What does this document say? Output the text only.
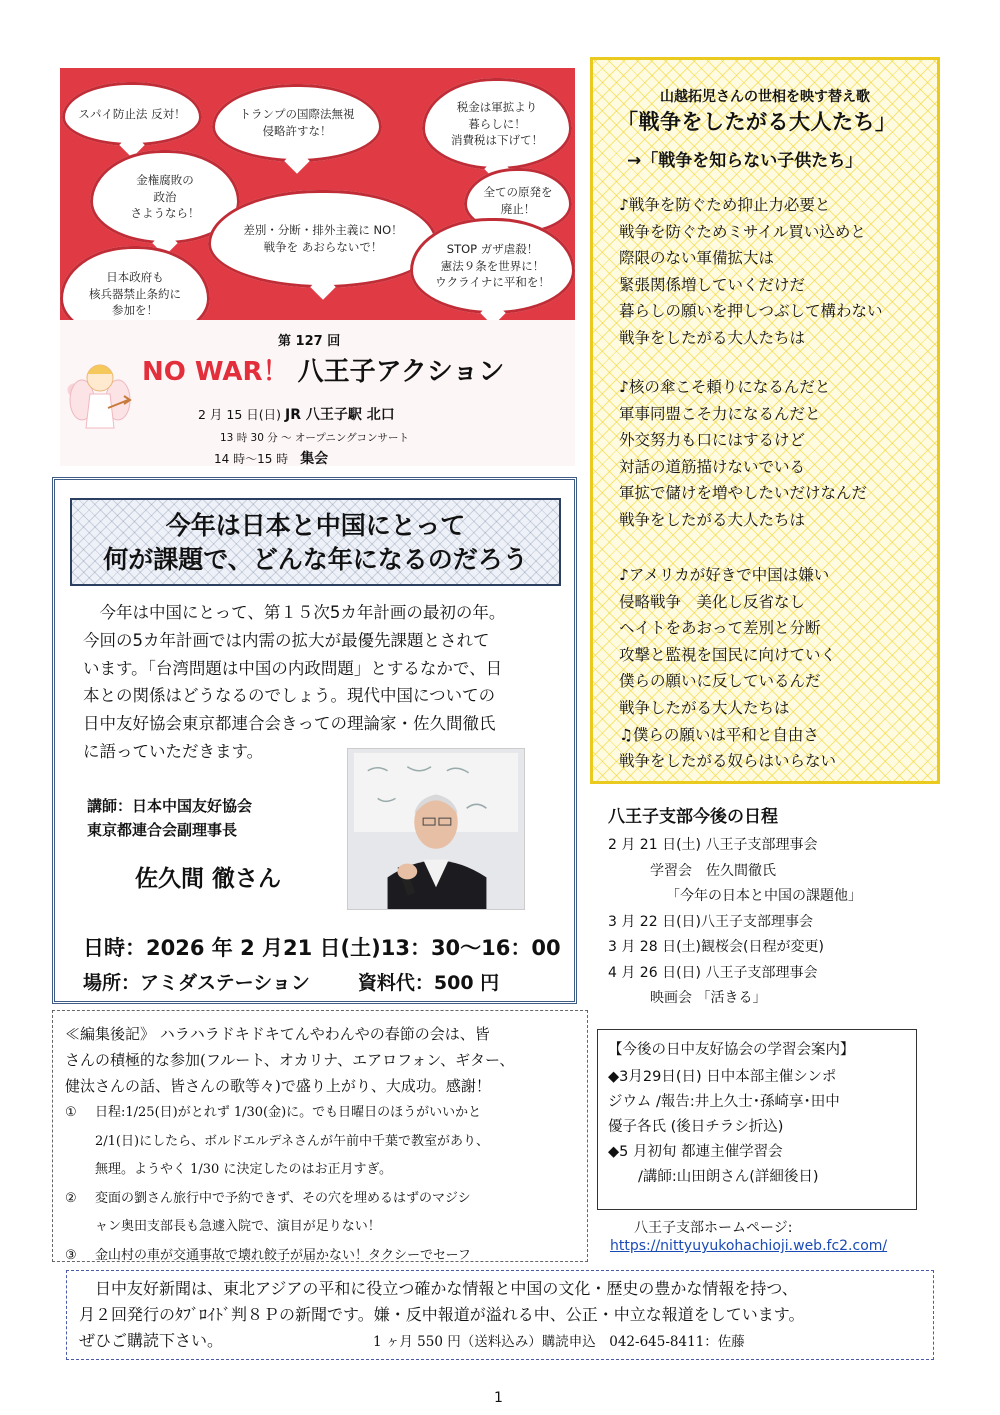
スパイ防止法 反対！	トランプの国際法無視
侵略許すな！
税金は軍拡より
暮らしに！
消費税は下げて！
金権腐敗の
政治
さようなら！
全ての原発を
廃止！
差別・分断・排外主義に NO！
戦争を あおらないで！	STOP ガザ虐殺！
憲法９条を世界に！
ウクライナに平和を！
日本政府も
核兵器禁止条約に
参加を！
第 127 回
NO WAR！ 八王子アクション
2 月 15 日(日) JR 八王子駅 北口
13 時 30 分 ～ オープニングコンサート
14 時～15 時　 集会
山越拓児さんの世相を映す替え歌
「戦争をしたがる大人たち」
→「戦争を知らない子供たち」
♪戦争を防ぐため抑止力必要と
戦争を防ぐためミサイル買い込めと
際限のない軍備拡大は
緊張関係増していくだけだ
暮らしの願いを押しつぶして構わない
戦争をしたがる大人たちは
♪核の傘こそ頼りになるんだと
軍事同盟こそ力になるんだと
外交努力も口にはするけど
対話の道筋描けないでいる
軍拡で儲けを増やしたいだけなんだ
戦争をしたがる大人たちは
♪アメリカが好きで中国は嫌い
侵略戦争　美化し反省なし
ヘイトをあおって差別と分断
攻撃と監視を国民に向けていく
僕らの願いに反しているんだ
戦争したがる大人たちは
♫僕らの願いは平和と自由さ
戦争をしたがる奴らはいらない
今年は日本と中国にとって
何が課題で、どんな年になるのだろう
　今年は中国にとって、第１５次5カ年計画の最初の年。
今回の5カ年計画では内需の拡大が最優先課題とされて
います。「台湾問題は中国の内政問題」とするなかで、日
本との関係はどうなるのでしょう。現代中国についての
日中友好協会東京都連合会きっての理論家・佐久間徹氏
に語っていただきます。
講師：日本中国友好協会
東京都連合会副理事長
佐久間 徹さん
日時：2026 年 2 月21 日(土)13：30～16：00
場所：アミダステーション	資料代：500 円
八王子支部今後の日程
2 月 21 日(土) 八王子支部理事会
学習会　佐久間徹氏
「今年の日本と中国の課題他」
3 月 22 日(日)八王子支部理事会
3 月 28 日(土)観桜会(日程が変更)
4 月 26 日(日) 八王子支部理事会
映画会 「活きる」
【今後の日中友好協会の学習会案内】
◆3月29日(日) 日中本部主催シンポ
ジウム /報告:井上久士･孫崎享･田中
優子各氏 (後日チラシ折込)
◆5 月初旬 都連主催学習会
/講師:山田朗さん(詳細後日)
八王子支部ホームページ:
https://nittyuyukohachioji.web.fc2.com/
≪編集後記》 ハラハラドキドキてんやわんやの春節の会は、皆
さんの積極的な参加(フルート、オカリナ、エアロフォン、ギター、
健汰さんの話、皆さんの歌等々)で盛り上がり、大成功。感謝！
① 日程:1/25(日)がとれず 1/30(金)に。でも日曜日のほうがいいかと
2/1(日)にしたら、ボルドエルデネさんが午前中千葉で教室があり、
無理。ようやく 1/30 に決定したのはお正月すぎ。
② 変面の劉さん旅行中で予約できず、その穴を埋めるはずのマジシ
ャン奥田支部長も急遽入院で、演目が足りない！
③ 金山村の車が交通事故で壊れ餃子が届かない！タクシーでセーフ
　日中友好新聞は、東北アジアの平和に役立つ確かな情報と中国の文化・歴史の豊かな情報を持つ、
月２回発行のﾀﾌﾞﾛｲﾄﾞ判８Ｐの新聞です。嫌・反中報道が溢れる中、公正・中立な報道をしています。
ぜひご購読下さい。	1 ヶ月 550 円（送料込み）購読申込　042-645-8411：佐藤
1
